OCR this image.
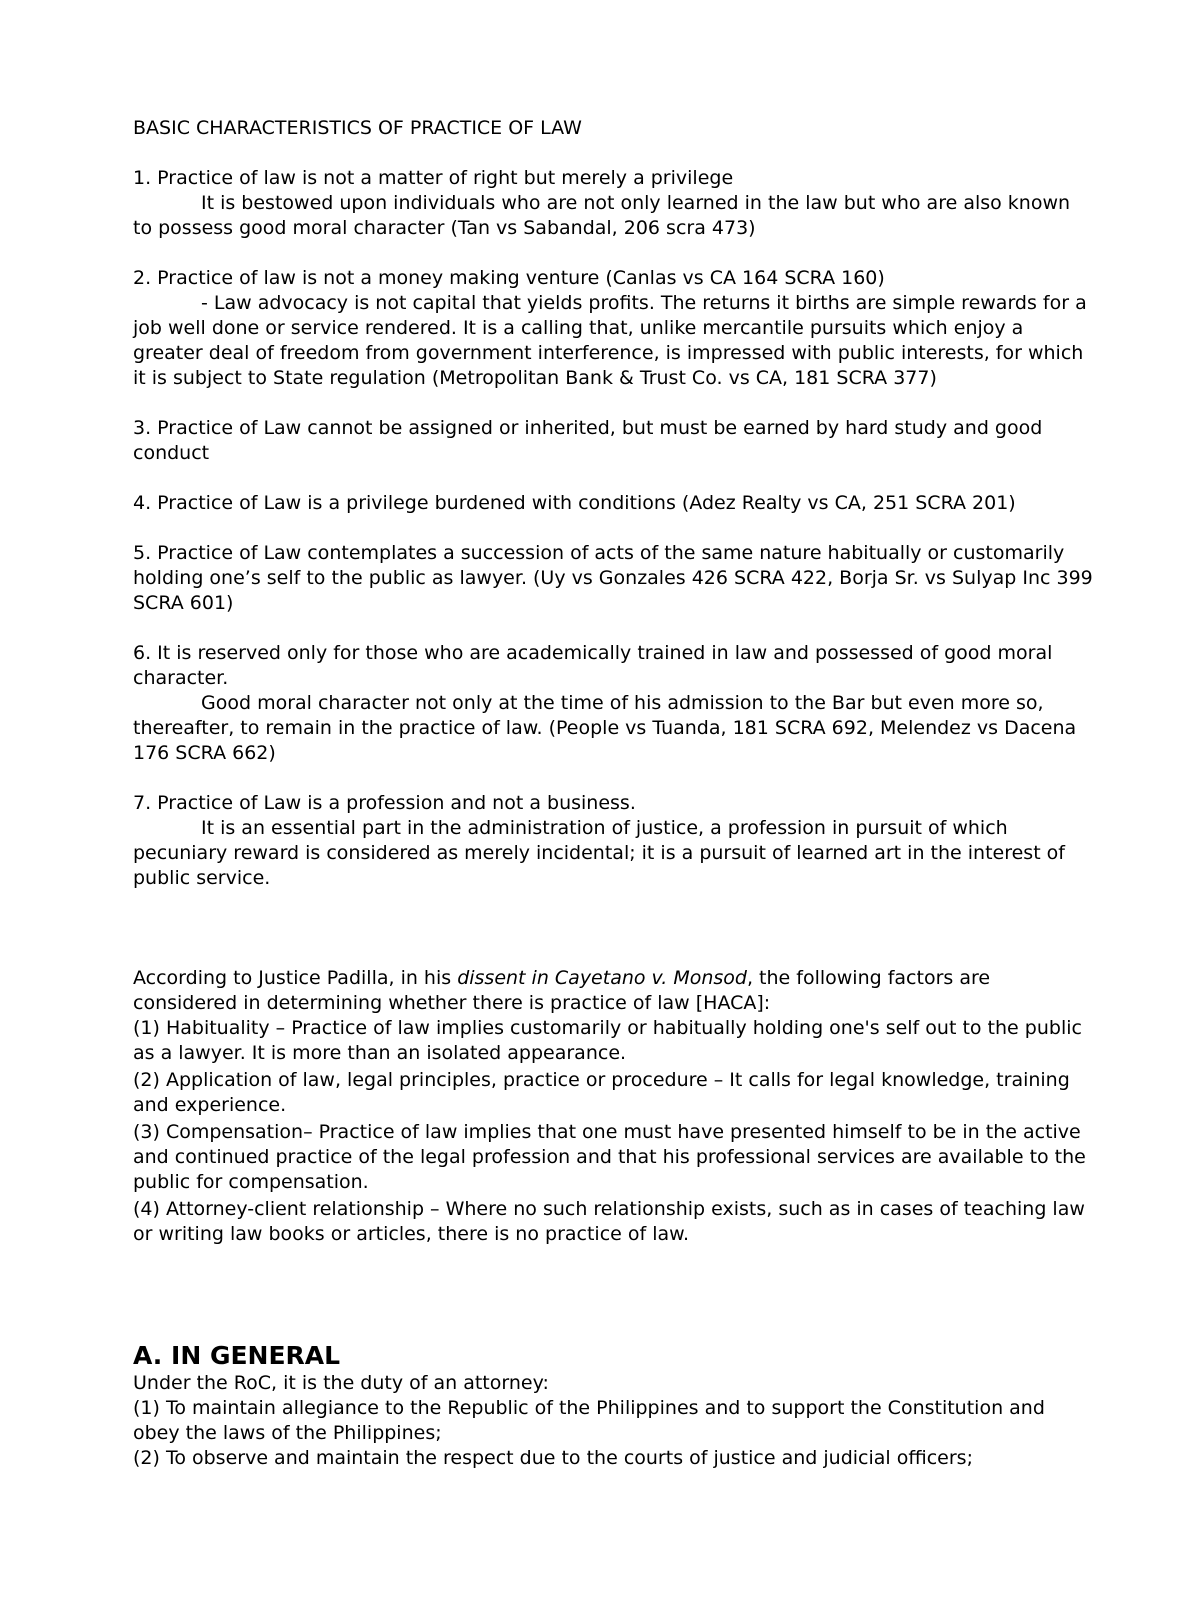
BASIC CHARACTERISTICS OF PRACTICE OF LAW

1. Practice of law is not a matter of right but merely a privilege

It is bestowed upon individuals who are not only learned in the law but who are also known to possess good moral character (Tan vs Sabandal, 206 scra 473)

2. Practice of law is not a money making venture (Canlas vs CA 164 SCRA 160)

- Law advocacy is not capital that yields profits. The returns it births are simple rewards for a job well done or service rendered. It is a calling that, unlike mercantile pursuits which enjoy a greater deal of freedom from government interference, is impressed with public interests, for which it is subject to State regulation (Metropolitan Bank & Trust Co. vs CA, 181 SCRA 377)

3. Practice of Law cannot be assigned or inherited, but must be earned by hard study and good conduct

4. Practice of Law is a privilege burdened with conditions (Adez Realty vs CA, 251 SCRA 201)

5. Practice of Law contemplates a succession of acts of the same nature habitually or customarily holding one’s self to the public as lawyer. (Uy vs Gonzales 426 SCRA 422, Borja Sr. vs Sulyap Inc 399 SCRA 601)

6. It is reserved only for those who are academically trained in law and possessed of good moral character.

Good moral character not only at the time of his admission to the Bar but even more so, thereafter, to remain in the practice of law. (People vs Tuanda, 181 SCRA 692, Melendez vs Dacena 176 SCRA 662)

7. Practice of Law is a profession and not a business.

It is an essential part in the administration of justice, a profession in pursuit of which pecuniary reward is considered as merely incidental; it is a pursuit of learned art in the interest of public service.

According to Justice Padilla, in his dissent in Cayetano v. Monsod, the following factors are considered in determining whether there is practice of law [HACA]:

(1) Habituality – Practice of law implies customarily or habitually holding one's self out to the public as a lawyer. It is more than an isolated appearance.

(2) Application of law, legal principles, practice or procedure – It calls for legal knowledge, training and experience.

(3) Compensation– Practice of law implies that one must have presented himself to be in the active and continued practice of the legal profession and that his professional services are available to the public for compensation.

(4) Attorney-client relationship – Where no such relationship exists, such as in cases of teaching law or writing law books or articles, there is no practice of law.

A. IN GENERAL

Under the RoC, it is the duty of an attorney:

(1) To maintain allegiance to the Republic of the Philippines and to support the Constitution and obey the laws of the Philippines;

(2) To observe and maintain the respect due to the courts of justice and judicial officers;
